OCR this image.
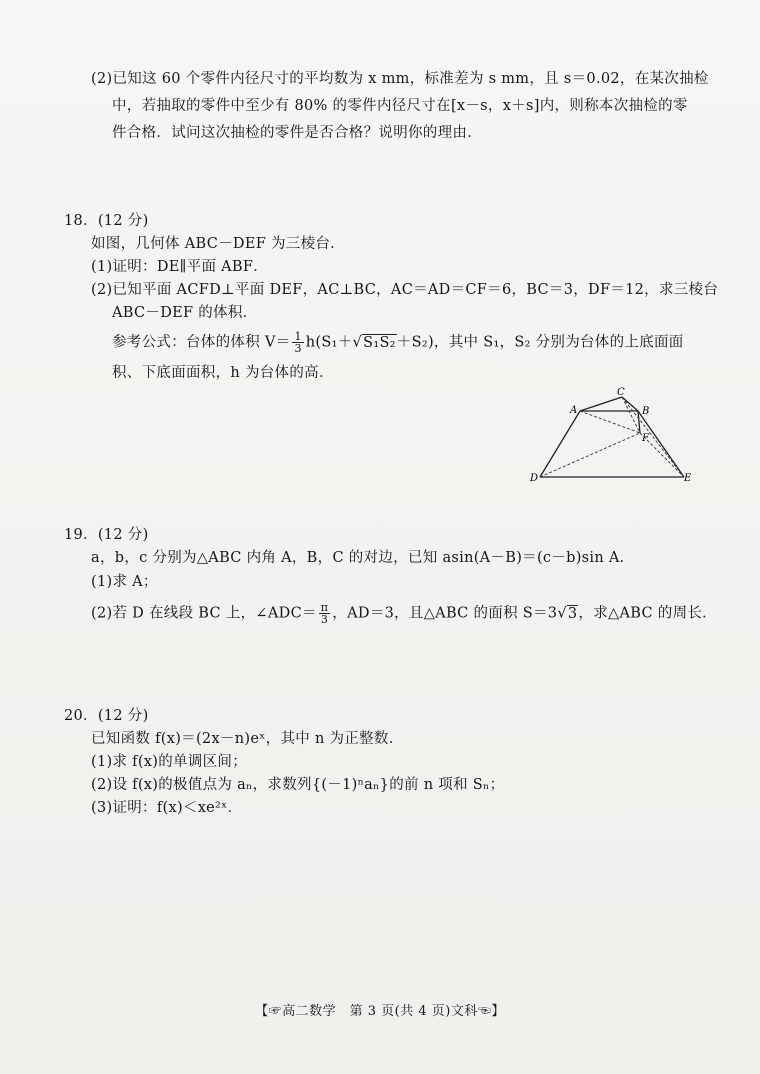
(2)已知这 60 个零件内径尺寸的平均数为 x mm，标准差为 s mm，且 s＝0.02，在某次抽检
中，若抽取的零件中至少有 80% 的零件内径尺寸在[x－s，x＋s]内，则称本次抽检的零
件合格．试问这次抽检的零件是否合格？说明你的理由．
18．(12 分)
如图，几何体 ABC－DEF 为三棱台．
(1)证明：DE∥平面 ABF．
(2)已知平面 ACFD⊥平面 DEF，AC⊥BC，AC＝AD＝CF＝6，BC＝3，DF＝12，求三棱台
ABC－DEF 的体积．
参考公式：台体的体积 $V= \frac{1}{3} h(S_1+√S_1S_2+S_2)$，其中 S₁，S₂ 分别为台体的上底面面
积、下底面面积，h 为台体的高．
A	B
C
D	E
F
19．(12 分)
a，b，c 分别为△ABC 内角 A，B，C 的对边，已知 asin(A－B)＝(c－b)sin A．
(1)求 A；
(2)若 D 在线段 BC 上，∠ADC＝ $\frac{\pi}{3}$ ，AD＝3，且△ABC 的面积 S＝3√3，求△ABC 的周长．
20．(12 分)
已知函数 f(x)＝(2x－n)eˣ，其中 n 为正整数．
(1)求 f(x)的单调区间；
(2)设 f(x)的极值点为 aₙ，求数列{(－1)ⁿaₙ}的前 n 项和 Sₙ；
(3)证明：f(x)＜xe²ˣ．
【☞高二数学　第 3 页(共 4 页)文科☜】
